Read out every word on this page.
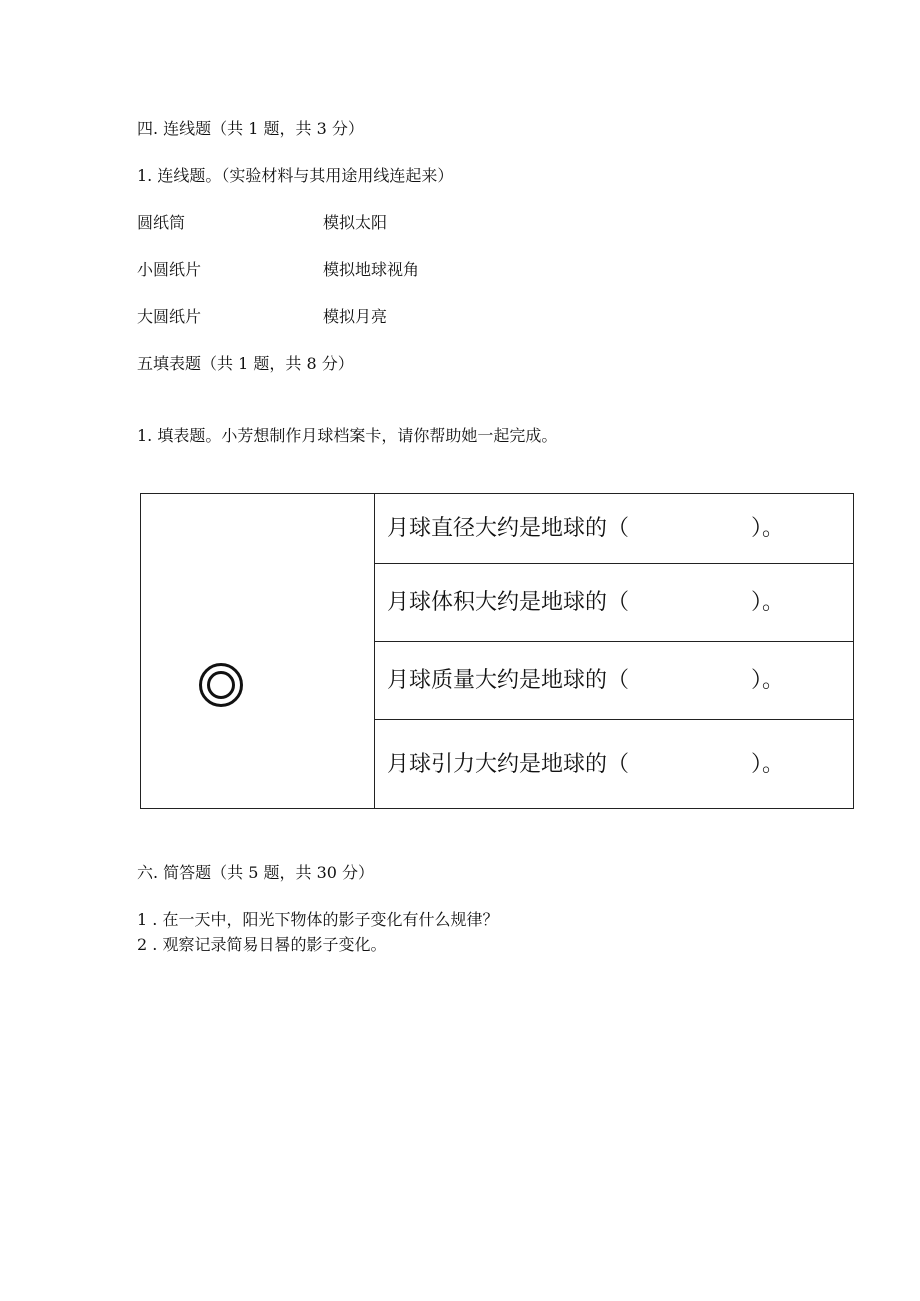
四. 连线题（共 1 题，共 3 分）
1. 连线题。（实验材料与其用途用线连起来）
圆纸筒	模拟太阳
小圆纸片	模拟地球视角
大圆纸片	模拟月亮
五填表题（共 1 题，共 8 分）
1. 填表题。小芳想制作月球档案卡，请你帮助她一起完成。
月球直径大约是地球的（	）。
月球体积大约是地球的（	）。
月球质量大约是地球的（	）。
月球引力大约是地球的（	）。
六. 简答题（共 5 题，共 30 分）
1 . 在一天中，阳光下物体的影子变化有什么规律？
2 . 观察记录简易日晷的影子变化。
